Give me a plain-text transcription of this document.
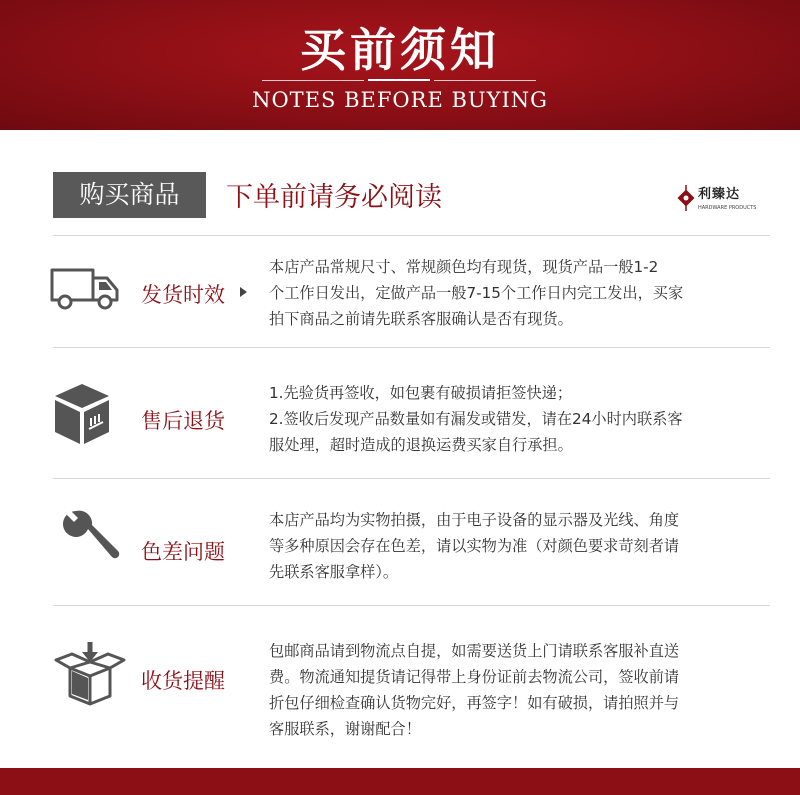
买前须知
NOTES BEFORE BUYING
购买商品	下单前请务必阅读	利臻达
HARDWARE PRODUCTS
发货时效

本店产品常规尺寸、常规颜色均有现货，现货产品一般1-2

个工作日发出，定做产品一般7-15个工作日内完工发出，买家

拍下商品之前请先联系客服确认是否有现货。

售后退货

1.先验货再签收，如包裹有破损请拒签快递；

2.签收后发现产品数量如有漏发或错发，请在24小时内联系客

服处理，超时造成的退换运费买家自行承担。

色差问题

本店产品均为实物拍摄，由于电子设备的显示器及光线、角度

等多种原因会存在色差，请以实物为准（对颜色要求苛刻者请

先联系客服拿样）。

收货提醒

包邮商品请到物流点自提，如需要送货上门请联系客服补直送

费。物流通知提货请记得带上身份证前去物流公司，签收前请

折包仔细检查确认货物完好，再签字！如有破损，请拍照并与

客服联系，谢谢配合！
